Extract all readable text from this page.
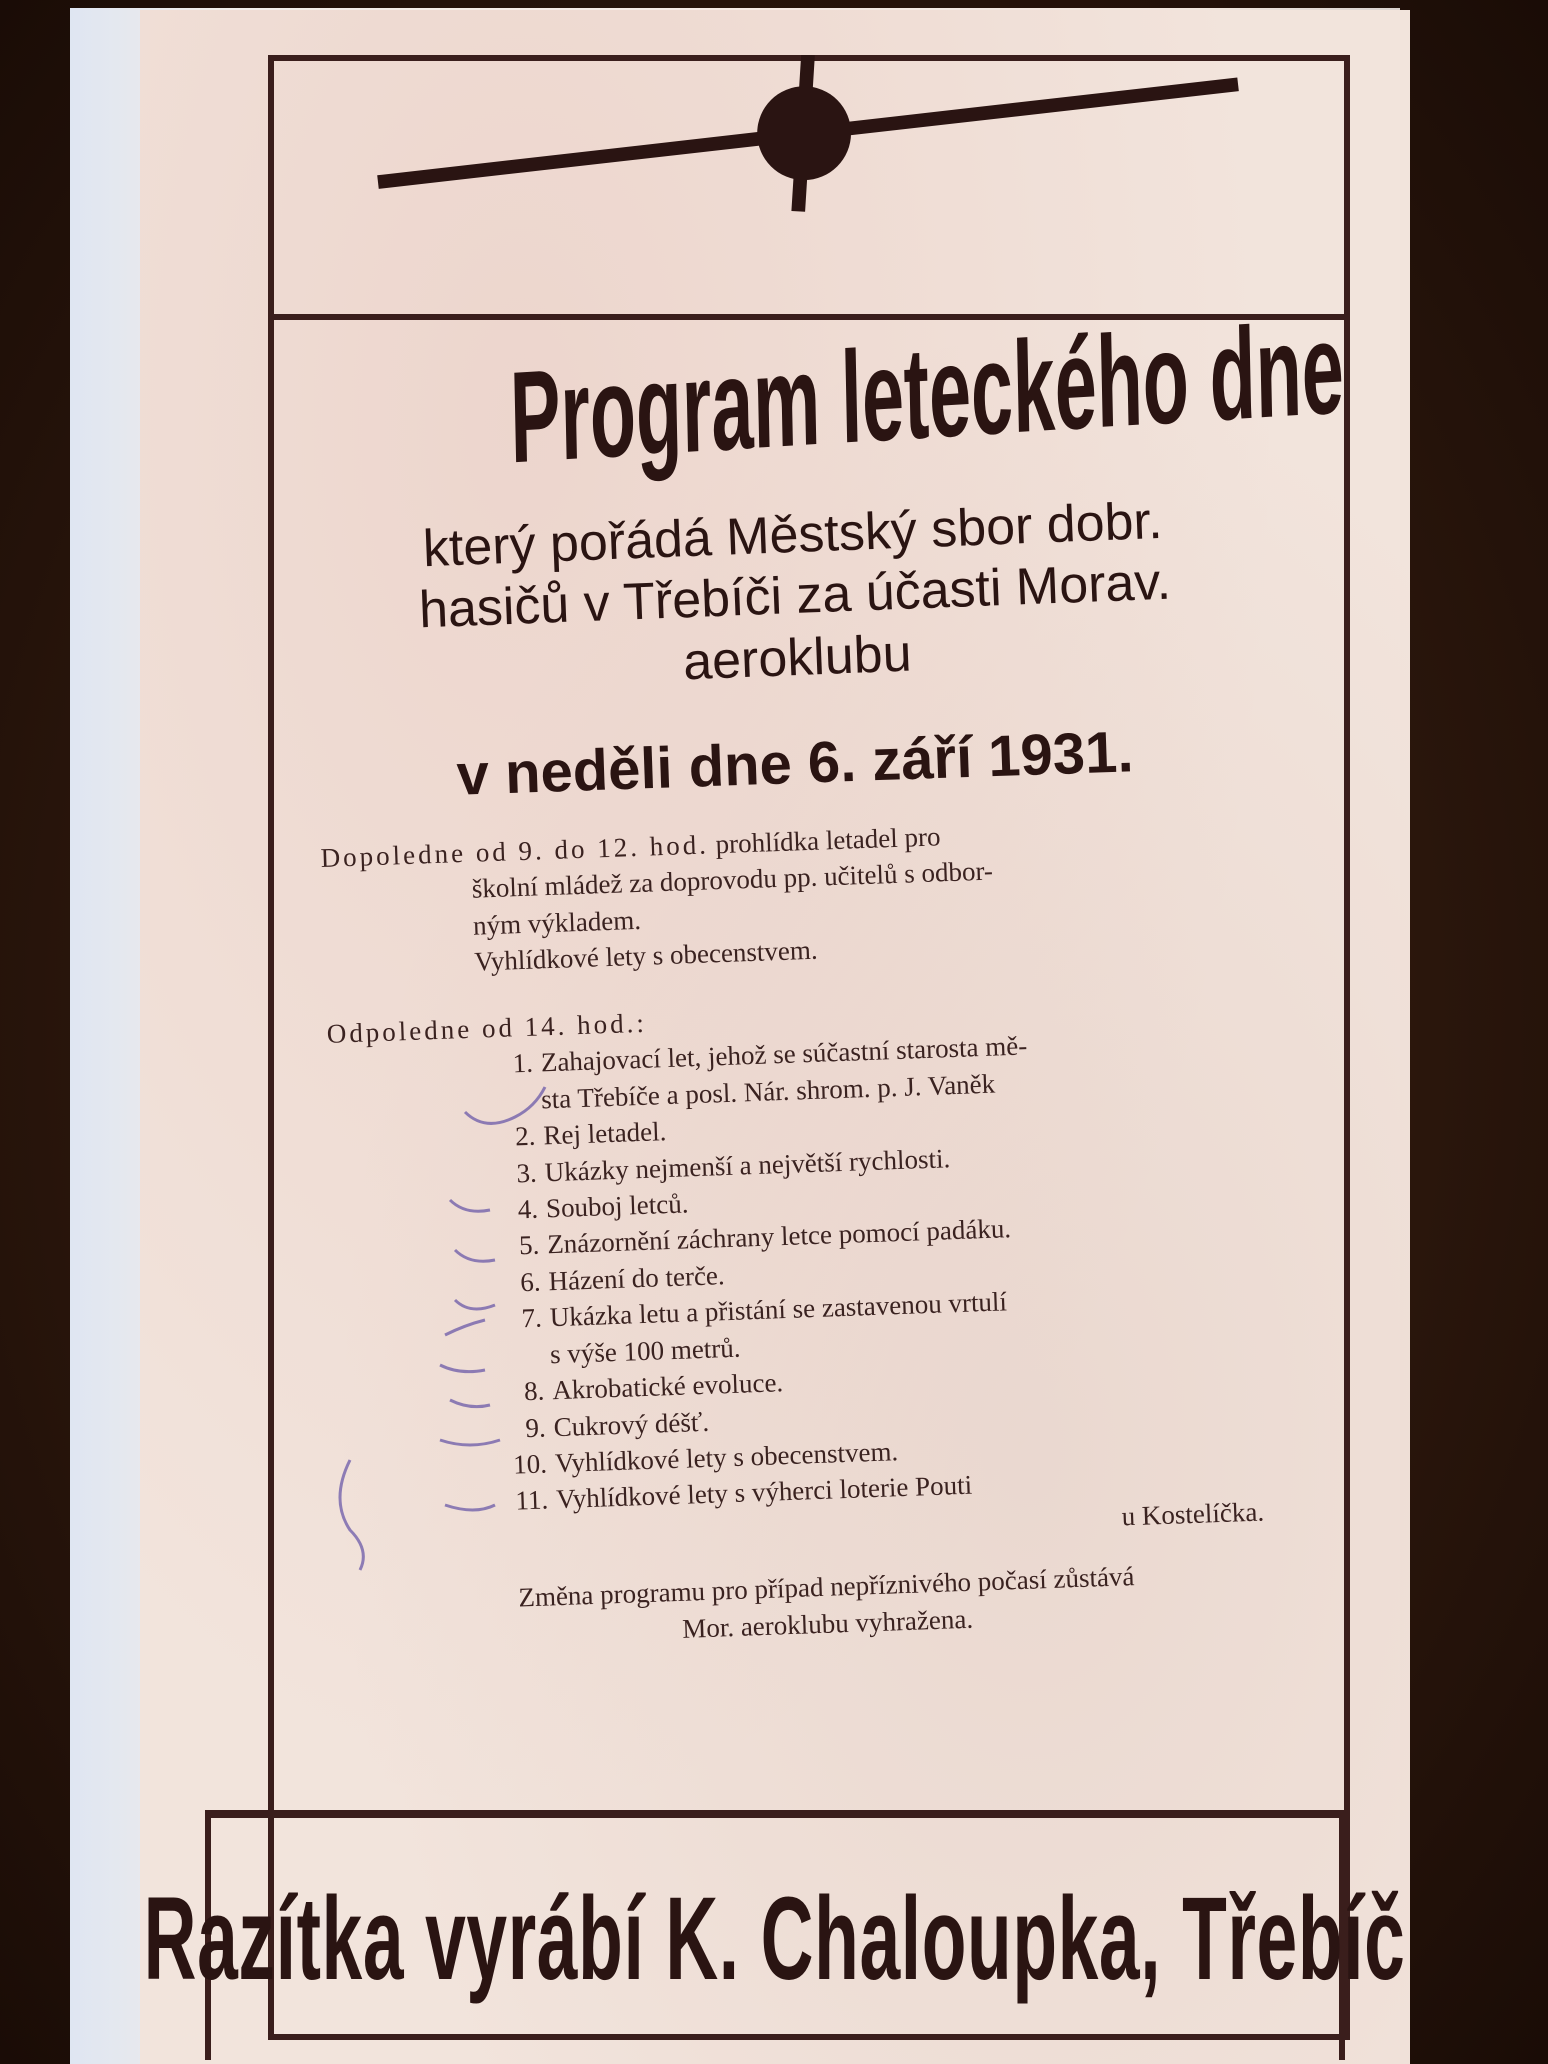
Program leteckého dne
který pořádá Městský sbor dobr.
hasičů v Třebíči za účasti Morav.
aeroklubu
v neděli dne 6. září 1931.
Dopoledne od 9. do 12. hod. prohlídka letadel pro
školní mládež za doprovodu pp. učitelů s odbor-
ným výkladem.
Vyhlídkové lety s obecenstvem.
Odpoledne od 14. hod.:
1. Zahajovací let, jehož se súčastní starosta mě-
sta Třebíče a posl. Nár. shrom. p. J. Vaněk
2. Rej letadel.
3. Ukázky nejmenší a největší rychlosti.
4. Souboj letců.
5. Znázornění záchrany letce pomocí padáku.
6. Házení do terče.
7. Ukázka letu a přistání se zastavenou vrtulí
s výše 100 metrů.
8. Akrobatické evoluce.
9. Cukrový déšť.
10. Vyhlídkové lety s obecenstvem.
11. Vyhlídkové lety s výherci loterie Pouti	u Kostelíčka.
Změna programu pro případ nepříznivého počasí zůstává
Mor. aeroklubu vyhražena.
Razítka vyrábí K. Chaloupka, Třebíč
